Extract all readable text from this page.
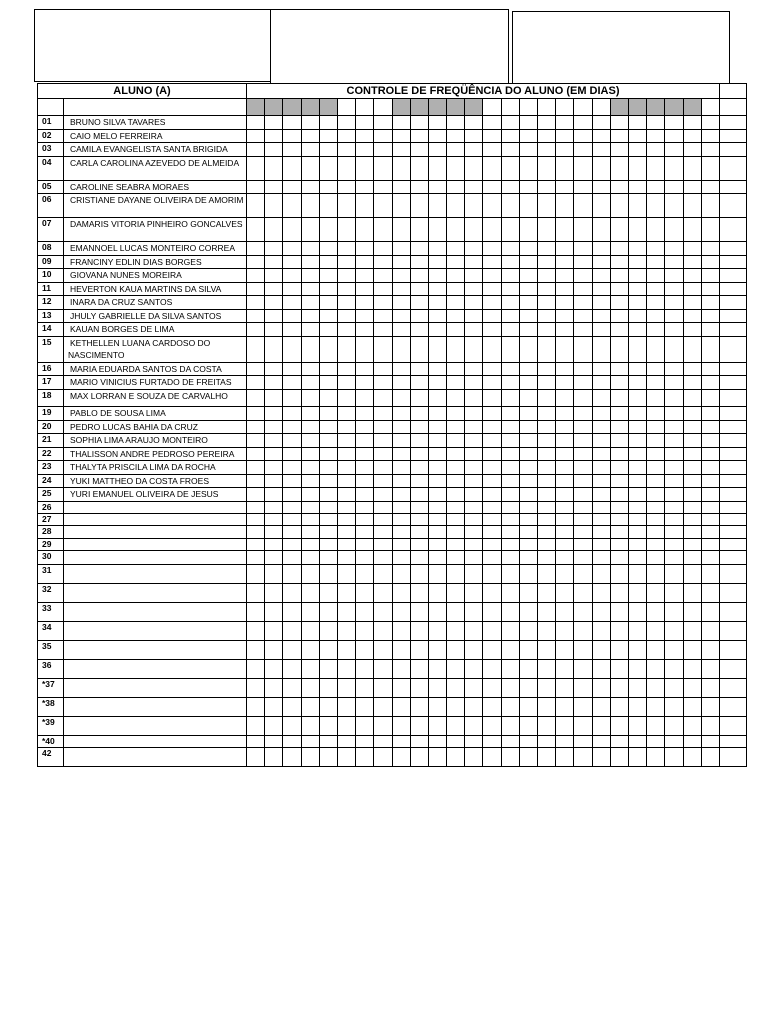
ALUNO (A)		CONTROLE DE FREQÜÊNCIA DO ALUNO (EM DIAS)																										

01	BRUNO SILVA TAVARES																											
02	CAIO MELO FERREIRA																											
03	CAMILA EVANGELISTA SANTA BRIGIDA																											
04	CARLA CAROLINA AZEVEDO DE ALMEIDA																											
05	CAROLINE SEABRA MORAES																											
06	CRISTIANE DAYANE OLIVEIRA DE AMORIM																											
07	DAMARIS VITORIA PINHEIRO GONCALVES																											
08	EMANNOEL LUCAS MONTEIRO CORREA																											
09	FRANCINY EDLIN DIAS BORGES																											
10	GIOVANA NUNES MOREIRA																											
11	HEVERTON KAUA MARTINS DA SILVA																											
12	INARA DA CRUZ SANTOS																											
13	JHULY GABRIELLE DA SILVA SANTOS																											
14	KAUAN BORGES DE LIMA																											
15	KETHELLEN LUANA CARDOSO DO NASCIMENTO																											
16	MARIA EDUARDA SANTOS DA COSTA																											
17	MARIO VINICIUS FURTADO DE FREITAS																											
18	MAX LORRAN E SOUZA DE CARVALHO																											
19	PABLO DE SOUSA LIMA																											
20	PEDRO LUCAS BAHIA DA CRUZ																											
21	SOPHIA LIMA ARAUJO MONTEIRO																											
22	THALISSON ANDRE PEDROSO PEREIRA																											
23	THALYTA PRISCILA LIMA DA ROCHA																											
24	YUKI MATTHEO DA COSTA FROES																											
25	YURI EMANUEL OLIVEIRA DE JESUS																											
26																												
27																												
28																												
29																												
30																												
31																												
32																												
33																												
34																												
35																												
36																												
*37																												
*38																												
*39																												
*40																												
42																												
